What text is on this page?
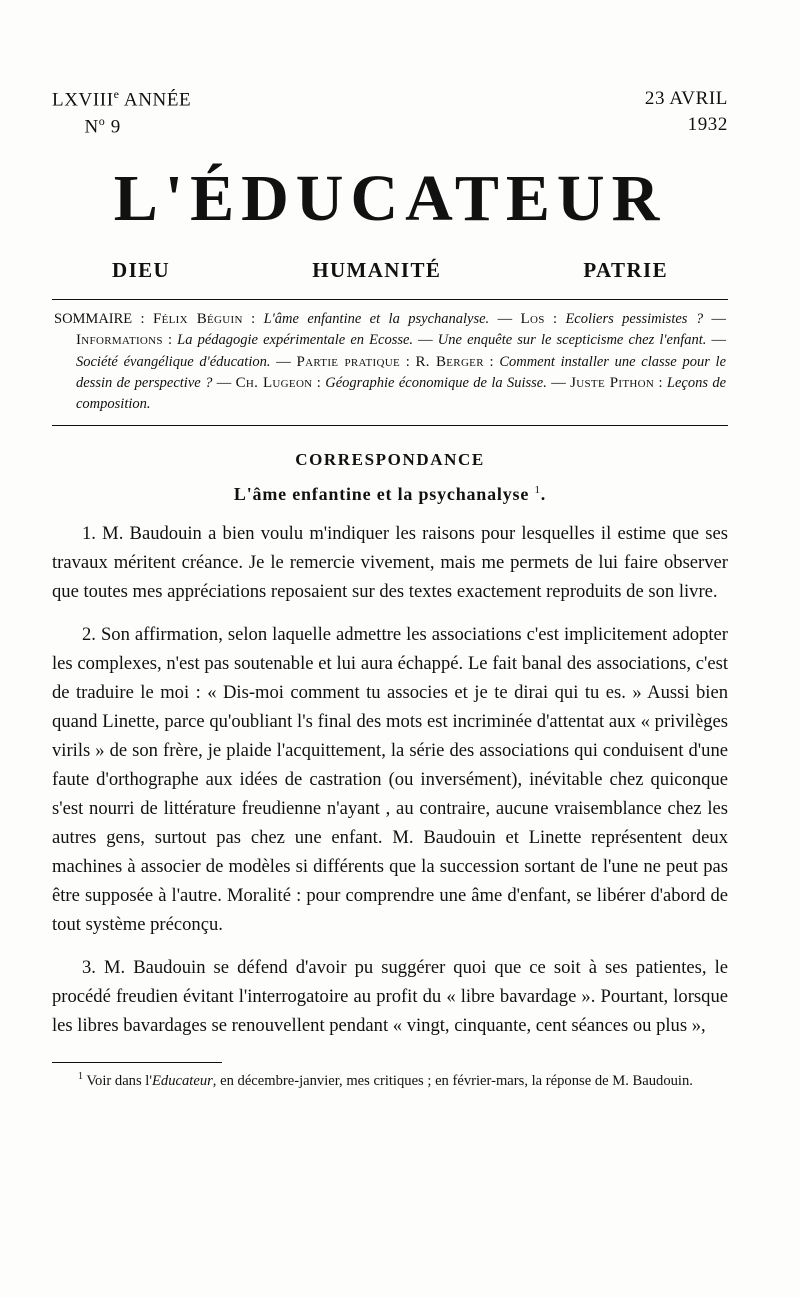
LXVIIIe ANNÉE
$N^o$ 9
23 AVRIL
1932
L'ÉDUCATEUR
DIEU	HUMANITÉ	PATRIE

SOMMAIRE : Félix Béguin : L'âme enfantine et la psychanalyse. — Los : Ecoliers pessimistes ? — Informations : La pédagogie expérimentale en Ecosse. — Une enquête sur le scepticisme chez l'enfant. — Société évangélique d'éducation. — Partie pratique : R. Berger : Comment installer une classe pour le dessin de perspective ? — Ch. Lugeon : Géographie économique de la Suisse. — Juste Pithon : Leçons de composition.

CORRESPONDANCE
L'âme enfantine et la psychanalyse $^1$.

1. M. Baudouin a bien voulu m'indiquer les raisons pour lesquelles il estime que ses travaux méritent créance. Je le remercie vivement, mais me permets de lui faire observer que toutes mes appréciations reposaient sur des textes exactement reproduits de son livre.

2. Son affirmation, selon laquelle admettre les associations c'est implicitement adopter les complexes, n'est pas soutenable et lui aura échappé. Le fait banal des associations, c'est de traduire le moi : « Dis-moi comment tu associes et je te dirai qui tu es. » Aussi bien quand Linette, parce qu'oubliant l's final des mots est incriminée d'attentat aux « privilèges virils » de son frère, je plaide l'acquittement, la série des associations qui conduisent d'une faute d'orthographe aux idées de castration (ou inversément), inévitable chez quiconque s'est nourri de littérature freudienne n'ayant , au contraire, aucune vraisemblance chez les autres gens, surtout pas chez une enfant. M. Baudouin et Linette représentent deux machines à associer de modèles si différents que la succession sortant de l'une ne peut pas être supposée à l'autre. Moralité : pour comprendre une âme d'enfant, se libérer d'abord de tout système préconçu.

3. M. Baudouin se défend d'avoir pu suggérer quoi que ce soit à ses patientes, le procédé freudien évitant l'interrogatoire au profit du « libre bavardage ». Pourtant, lorsque les libres bavardages se renouvellent pendant « vingt, cinquante, cent séances ou plus »,

$^1$ Voir dans l'Educateur, en décembre-janvier, mes critiques ; en février-mars, la réponse de M. Baudouin.
